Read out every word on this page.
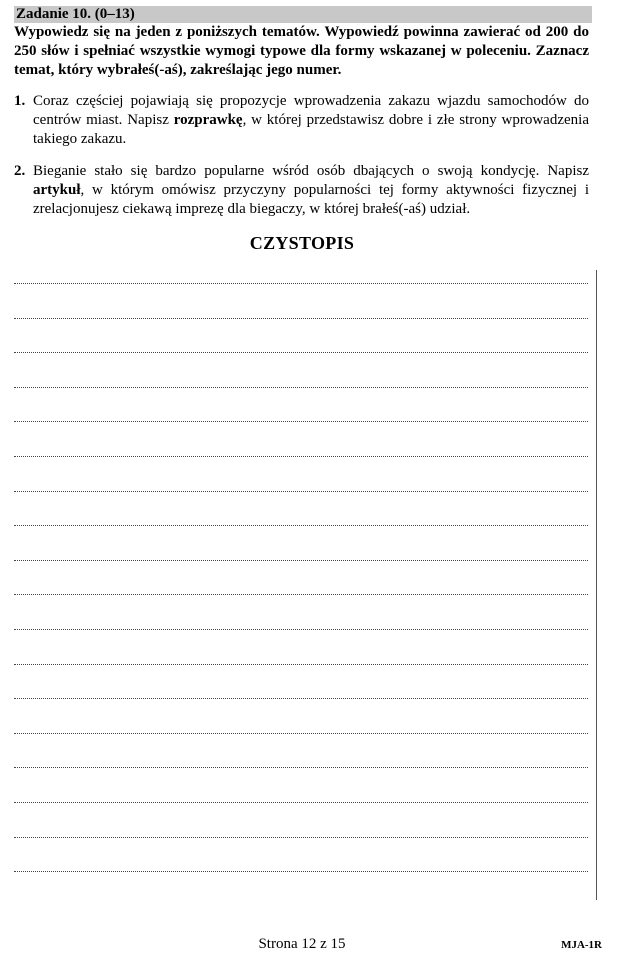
Zadanie 10. (0–13)
Wypowiedz się na jeden z poniższych tematów. Wypowiedź powinna zawierać od 200 do 250 słów i spełniać wszystkie wymogi typowe dla formy wskazanej w poleceniu. Zaznacz temat, który wybrałeś(-aś), zakreślając jego numer.
1. Coraz częściej pojawiają się propozycje wprowadzenia zakazu wjazdu samochodów do centrów miast. Napisz rozprawkę, w której przedstawisz dobre i złe strony wprowadzenia takiego zakazu.
2. Bieganie stało się bardzo popularne wśród osób dbających o swoją kondycję. Napisz artykuł, w którym omówisz przyczyny popularności tej formy aktywności fizycznej i zrelacjonujesz ciekawą imprezę dla biegaczy, w której brałeś(-aś) udział.
CZYSTOPIS
Strona 12 z 15	MJA-1R
